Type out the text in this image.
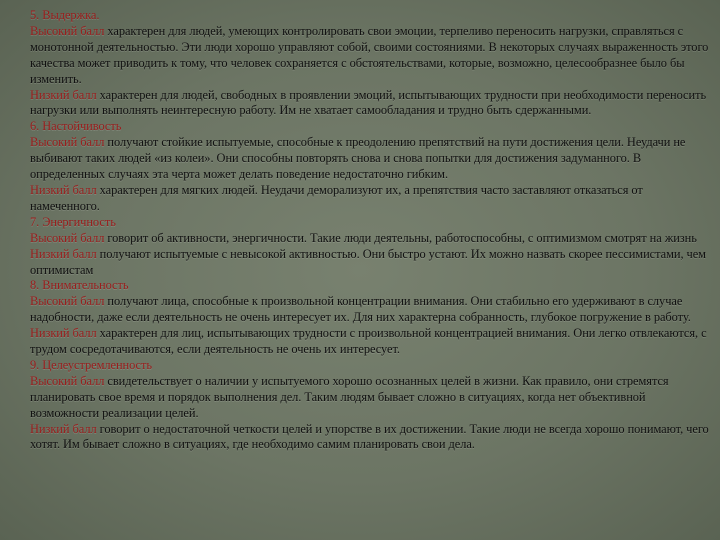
5. Выдержка.
Высокий балл характерен для людей, умеющих контролировать свои эмоции, терпеливо переносить нагрузки, справляться с монотонной деятельностью. Эти люди хорошо управляют собой, своими состояниями. В некоторых случаях выраженность этого качества может приводить к тому, что человек сохраняется с обстоятельствами, которые, возможно, целесообразнее было бы изменить.
Низкий балл характерен для людей, свободных в проявлении эмоций, испытывающих трудности при необходимости переносить нагрузки или выполнять неинтересную работу. Им не хватает самообладания и трудно быть сдержанными.
6. Настойчивость
Высокий балл получают стойкие испытуемые, способные к преодолению препятствий на пути достижения цели. Неудачи не выбивают таких людей «из колеи». Они способны повторять снова и снова попытки для достижения задуманного. В определенных случаях эта черта может делать поведение недостаточно гибким.
Низкий балл характерен для мягких людей. Неудачи деморализуют их, а препятствия часто заставляют отказаться от намеченного.
7. Энергичность
Высокий балл говорит об активности, энергичности. Такие люди деятельны, работоспособны, с оптимизмом смотрят на жизнь
Низкий балл получают испытуемые с невысокой активностью. Они быстро устают. Их можно назвать скорее пессимистами, чем оптимистам
8. Внимательность
Высокий балл получают лица, способные к произвольной концентрации внимания. Они стабильно его удерживают в случае надобности, даже если деятельность не очень интересует их. Для них характерна собранность, глубокое погружение в работу.
Низкий балл характерен для лиц, испытывающих трудности с произвольной концентрацией внимания. Они легко отвлекаются, с трудом сосредотачиваются, если деятельность не очень их интересует.
9. Целеустремленность
Высокий балл свидетельствует о наличии у испытуемого хорошо осознанных целей в жизни. Как правило, они стремятся планировать свое время и порядок выполнения дел. Таким людям бывает сложно в ситуациях, когда нет объективной возможности реализации целей.
Низкий балл говорит о недостаточной четкости целей и упорстве в их достижении. Такие люди не всегда хорошо понимают, чего хотят. Им бывает сложно в ситуациях, где необходимо самим планировать свои дела.
